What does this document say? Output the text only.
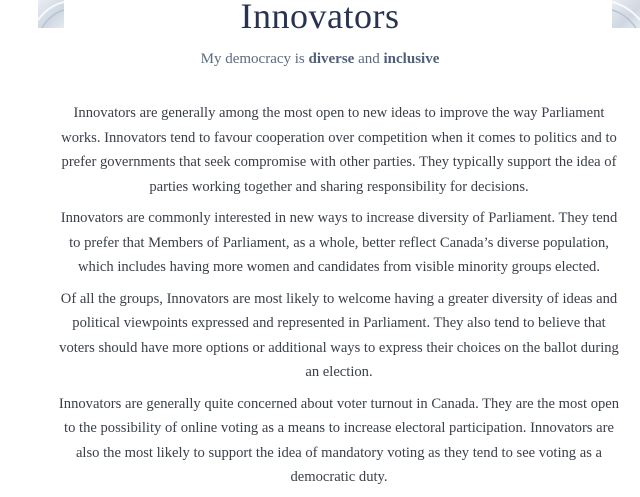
Innovators
My democracy is diverse and inclusive

Innovators are generally among the most open to new ideas to improve the way Parliament works. Innovators tend to favour cooperation over competition when it comes to politics and to prefer governments that seek compromise with other parties. They typically support the idea of parties working together and sharing responsibility for decisions.

Innovators are commonly interested in new ways to increase diversity of Parliament. They tend to prefer that Members of Parliament, as a whole, better reflect Canada’s diverse population, which includes having more women and candidates from visible minority groups elected.

Of all the groups, Innovators are most likely to welcome having a greater diversity of ideas and political viewpoints expressed and represented in Parliament. They also tend to believe that voters should have more options or additional ways to express their choices on the ballot during an election.

Innovators are generally quite concerned about voter turnout in Canada. They are the most open to the possibility of online voting as a means to increase electoral participation. Innovators are also the most likely to support the idea of mandatory voting as they tend to see voting as a democratic duty.
